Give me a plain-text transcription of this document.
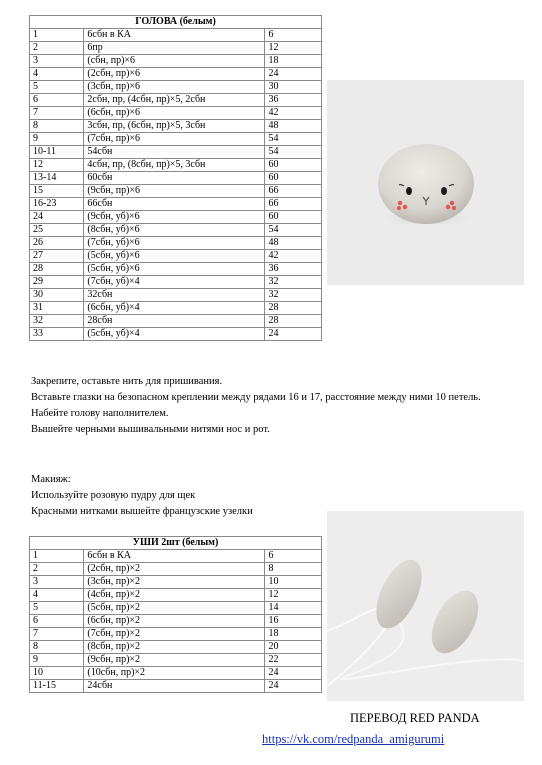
ГОЛОВА (белым)		
1	6сбн в КА	6
2	6пр	12
3	(сбн, пр)×6	18
4	(2сбн, пр)×6	24
5	(3сбн, пр)×6	30
6	2сбн, пр, (4сбн, пр)×5, 2сбн	36
7	(6сбн, пр)×6	42
8	3сбн, пр, (6сбн, пр)×5, 3сбн	48
9	(7сбн, пр)×6	54
10-11	54сбн	54
12	4сбн, пр, (8сбн, пр)×5, 3сбн	60
13-14	60сбн	60
15	(9сбн, пр)×6	66
16-23	66сбн	66
24	(9сбн, уб)×6	60
25	(8сбн, уб)×6	54
26	(7сбн, уб)×6	48
27	(5сбн, уб)×6	42
28	(5сбн, уб)×6	36
29	(7сбн, уб)×4	32
30	32сбн	32
31	(6сбн, уб)×4	28
32	28сбн	28
33	(5сбн, уб)×4	24
Закрепите, оставьте нить для пришивания.
Вставьте глазки на безопасном креплении между рядами 16 и 17, расстояние между ними 10 петель.
Набейте голову наполнителем.
Вышейте черными вышивальными нитями нос и рот.
Макияж:
Используйте розовую пудру для щек
Красными нитками вышейте французские узелки
УШИ 2шт (белым)		
1	6сбн в КА	6
2	(2сбн, пр)×2	8
3	(3сбн, пр)×2	10
4	(4сбн, пр)×2	12
5	(5сбн, пр)×2	14
6	(6сбн, пр)×2	16
7	(7сбн, пр)×2	18
8	(8сбн, пр)×2	20
9	(9сбн, пр)×2	22
10	(10сбн, пр)×2	24
11-15	24сбн	24
ПЕРЕВОД RED PANDA
https://vk.com/redpanda_amigurumi
